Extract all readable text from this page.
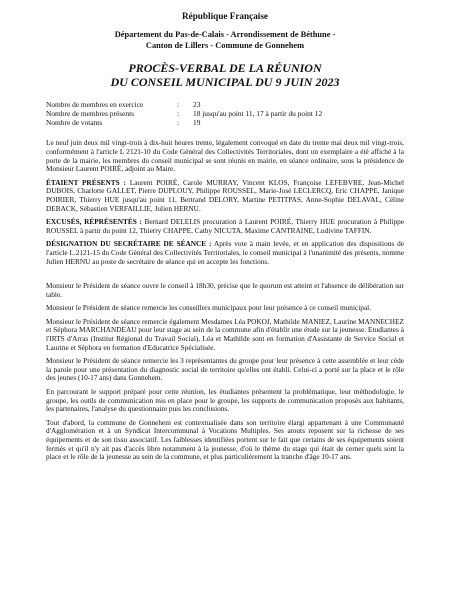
République Française
Département du Pas-de-Calais - Arrondissement de Béthune -
Canton de Lillers - Commune de Gonnehem
PROCÈS-VERBAL DE LA RÉUNION
DU CONSEIL MUNICIPAL DU 9 JUIN 2023
Nombre de membres en exercice	:	23
Nombre de membres présents	:	18 jusqu'au point 11, 17 à partir du point 12
Nombre de votants	:	19

Le neuf juin deux mil vingt-trois à dix-huit heures trente, légalement convoqué en date du trente mai deux mil vingt-trois, conformément à l'article L 2121-10 du Code Général des Collectivités Territoriales, dont un exemplaire a été affiché à la porte de la mairie, les membres du conseil municipal se sont réunis en mairie, en séance ordinaire, sous la présidence de Monsieur Laurent POIRÉ, adjoint au Maire.

ÉTAIENT PRÉSENTS : Laurent POIRÉ, Carole MURRAY, Vincent KLOS, Françoise LEFEBVRE, Jean-Michel DUBOIS, Charlotte GALLET, Pierre DUPLOUY, Philippe ROUSSEL, Marie-José LECLERCQ, Eric CHAPPE, Janique POIRIER, Thierry HUE jusqu'au point 11, Bertrand DELORY, Martine PETITPAS, Anne-Sophie DELAVAL, Céline DEBACK, Sébastien VERFAILLIE, Julien HERNU.

EXCUSÉS, RÉPRÉSENTÉS : Bernard DELELIS procuration à Laurent POIRÉ, Thierry HUE procuration à Philippe ROUSSEL à partir du point 12, Thierry CHAPPE, Cathy NICUTA, Maxime CANTRAINE, Ludivine TAFFIN.

DÉSIGNATION DU SECRÉTAIRE DE SÉANCE : Après vote à main levée, et en application des dispositions de l'article L.2121-15 du Code Général des Collectivités Territoriales, le conseil municipal à l'unanimité des présents, nomme Julien HERNU au poste de secrétaire de séance qui en accepte les fonctions.

Monsieur le Président de séance ouvre le conseil à 18h30, précise que le quorum est atteint et l'absence de délibération sur table.

Monsieur le Président de séance remercie les conseillers municipaux pour leur présence à ce conseil municipal.

Monsieur le Président de séance remercie également Mesdames Léa POKOJ, Mathilde MANIEZ, Laurine MANNECHEZ et Séphora MARCHANDEAU pour leur stage au sein de la commune afin d'établir une étude sur la jeunesse. Etudiantes à l'IRTS d'Arras (Institut Régional du Travail Social), Léa et Mathilde sont en formation d'Assistante de Service Social et Laurine et Séphora en formation d'Educatrice Spécialisée.

Monsieur le Président de séance remercie les 3 représentantes du groupe pour leur présence à cette assemblée et leur cède la parole pour une présentation du diagnostic social de territoire qu'elles ont établi. Celui-ci a porté sur la place et le rôle des jeunes (10-17 ans) dans Gonnehem.

En parcourant le support préparé pour cette réunion, les étudiantes présentent la problématique, leur méthodologie, le groupe, les outils de communication mis en place pour le groupe, les supports de communication proposés aux habitants, les partenaires, l'analyse du questionnaire puis les conclusions.

Tout d'abord, la commune de Gonnehem est contextualisée dans son territoire élargi appartenant à une Communauté d'Agglomération et à un Syndicat Intercommunal à Vocations Multiples. Ses atouts reposent sur la richesse de ses équipements et de son tissu associatif. Les faiblesses identifiées portent sur le fait que certains de ses équipements soient fermés et qu'il n'y ait pas d'accès libre notamment à la jeunesse, d'où le thème du stage qui était de cerner quels sont la place et le rôle de la jeunesse au sein de la commune, et plus particulièrement la tranche d'âge 10-17 ans.
